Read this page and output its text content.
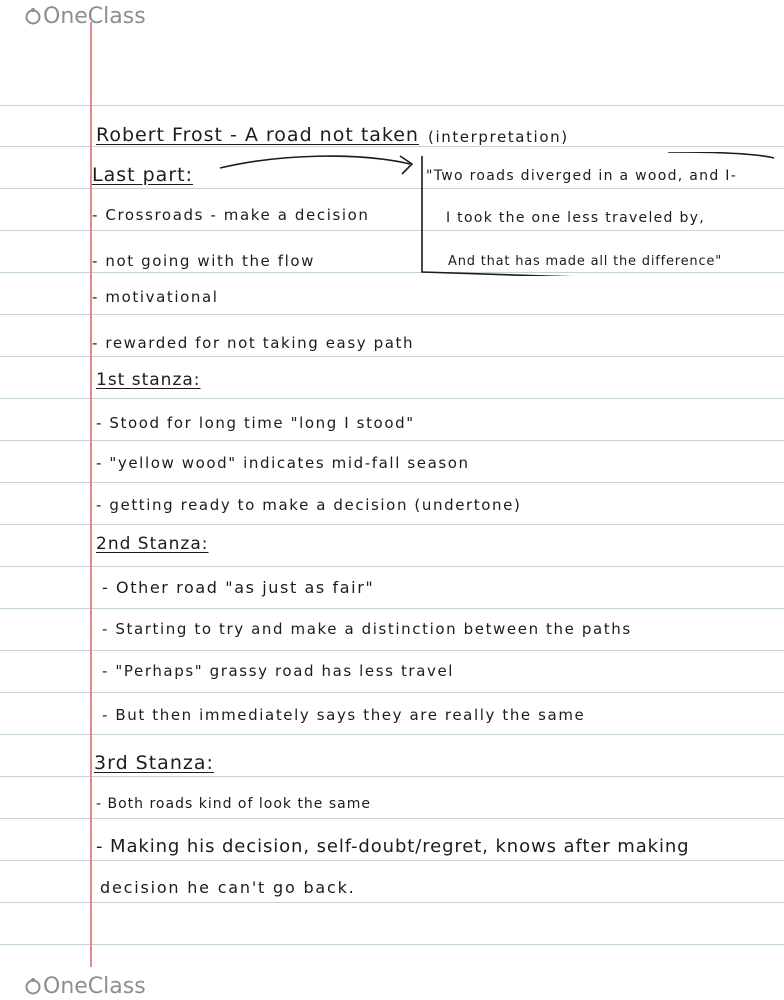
OneClass
Robert Frost - A road not taken (interpretation)
Last part:
- Crossroads - make a decision
- not going with the flow
- motivational
- rewarded for not taking easy path
"Two roads diverged in a wood, and I-
I took the one less traveled by,
And that has made all the difference"
1st stanza:
- Stood for long time "long I stood"
- "yellow wood" indicates mid-fall season
- getting ready to make a decision (undertone)
2nd Stanza:
- Other road "as just as fair"
- Starting to try and make a distinction between the paths
- "Perhaps" grassy road has less travel
- But then immediately says they are really the same
3rd Stanza:
- Both roads kind of look the same
- Making his decision, self-doubt/regret, knows after making
decision he can't go back.
OneClass
